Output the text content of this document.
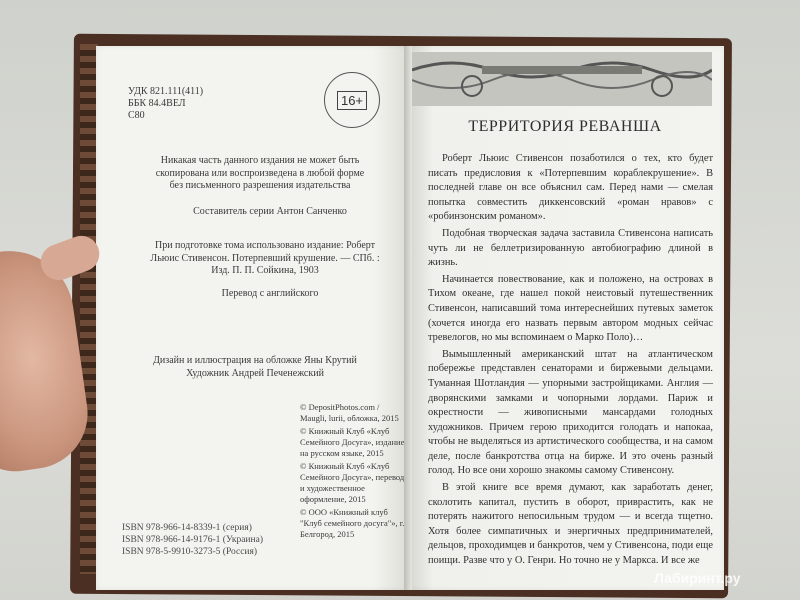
УДК 821.111(411)
ББК 84.4ВЕЛ
С80
16+
Никакая часть данного издания не может быть скопирована или воспроизведена в любой форме без письменного разрешения издательства
Составитель серии Антон Санченко
При подготовке тома использовано издание: Роберт Льюис Стивенсон. Потерпевший крушение. — СПб. : Изд. П. П. Сойкина, 1903
Перевод с английского
Дизайн и иллюстрация на обложке Яны Крутий
Художник Андрей Печенежский
© DepositPhotos.com / Maugli, lurii, обложка, 2015
© Книжный Клуб «Клуб Семейного Досуга», издание на русском языке, 2015
© Книжный Клуб «Клуб Семейного Досуга», перевод и художественное оформление, 2015
© ООО «Книжный клуб "Клуб семейного досуга"», г. Белгород, 2015
ISBN 978-966-14-8339-1 (серия)
ISBN 978-966-14-9176-1 (Украина)
ISBN 978-5-9910-3273-5 (Россия)
ТЕРРИТОРИЯ РЕВАНША

Роберт Льюис Стивенсон позаботился о тех, кто будет писать предисловия к «Потерпевшим кораблекрушение». В последней главе он все объяснил сам. Перед нами — смелая попытка совместить диккенсовский «роман нравов» с «робинзонским романом».

Подобная творческая задача заставила Стивенсона написать чуть ли не беллетризированную автобиографию длиной в жизнь.

Начинается повествование, как и положено, на островах в Тихом океане, где нашел покой неистовый путешественник Стивенсон, написавший тома интереснейших путевых заметок (хочется иногда его назвать первым автором модных сейчас тревелогов, но мы вспоминаем о Марко Поло)…

Вымышленный американский штат на атлантическом побережье представлен сенаторами и биржевыми дельцами. Туманная Шотландия — упорными застройщиками. Англия — дворянскими замками и чопорными лордами. Париж и окрестности — живописными мансардами голодных художников. Причем герою приходится голодать и напокаа, чтобы не выделяться из артистического сообщества, и на самом деле, после банкротства отца на бирже. И это очень разный голод. Но все они хорошо знакомы самому Стивенсону.

В этой книге все время думают, как заработать денег, сколотить капитал, пустить в оборот, приврастить, как не потерять нажитого непосильным трудом — и всегда тщетно. Хотя более симпатичных и энергичных предпринимателей, дельцов, проходимцев и банкротов, чем у Стивенсона, поди еще поищи. Разве что у О. Генри. Но точно не у Маркса. И все же

Лабиринт.ру
